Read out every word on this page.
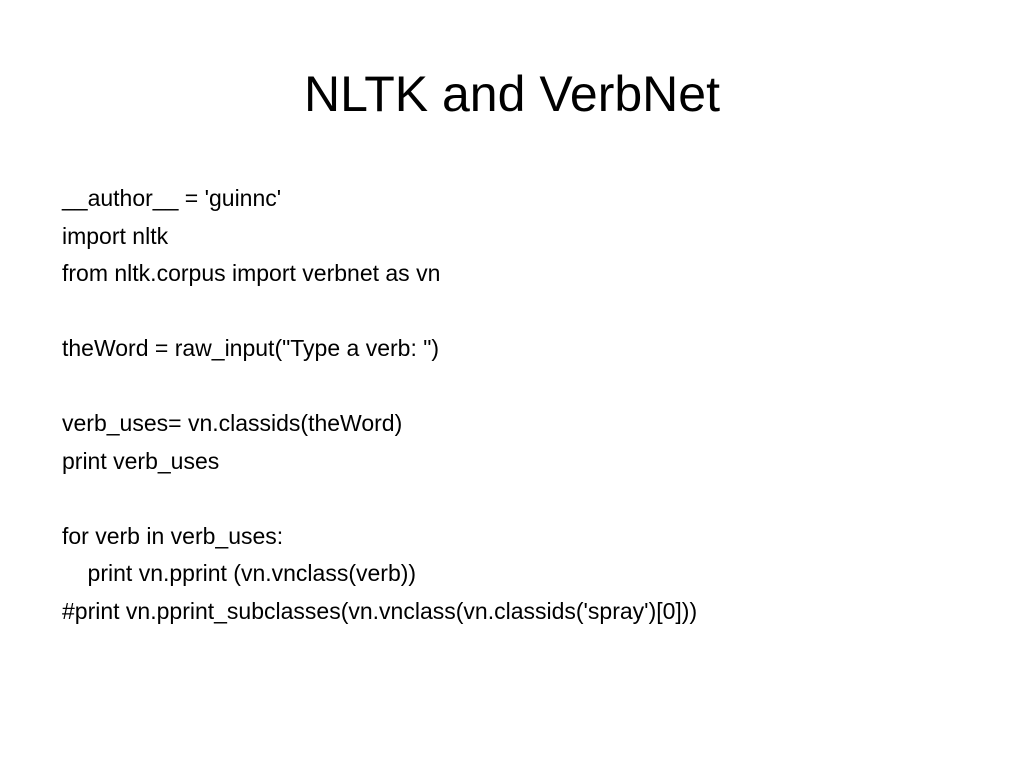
NLTK and VerbNet

__author__ = 'guinnc'

import nltk

from nltk.corpus import verbnet as vn

theWord = raw_input("Type a verb: ")

verb_uses= vn.classids(theWord)

print verb_uses

for verb in verb_uses:

print vn.pprint (vn.vnclass(verb))

#print vn.pprint_subclasses(vn.vnclass(vn.classids('spray')[0]))
